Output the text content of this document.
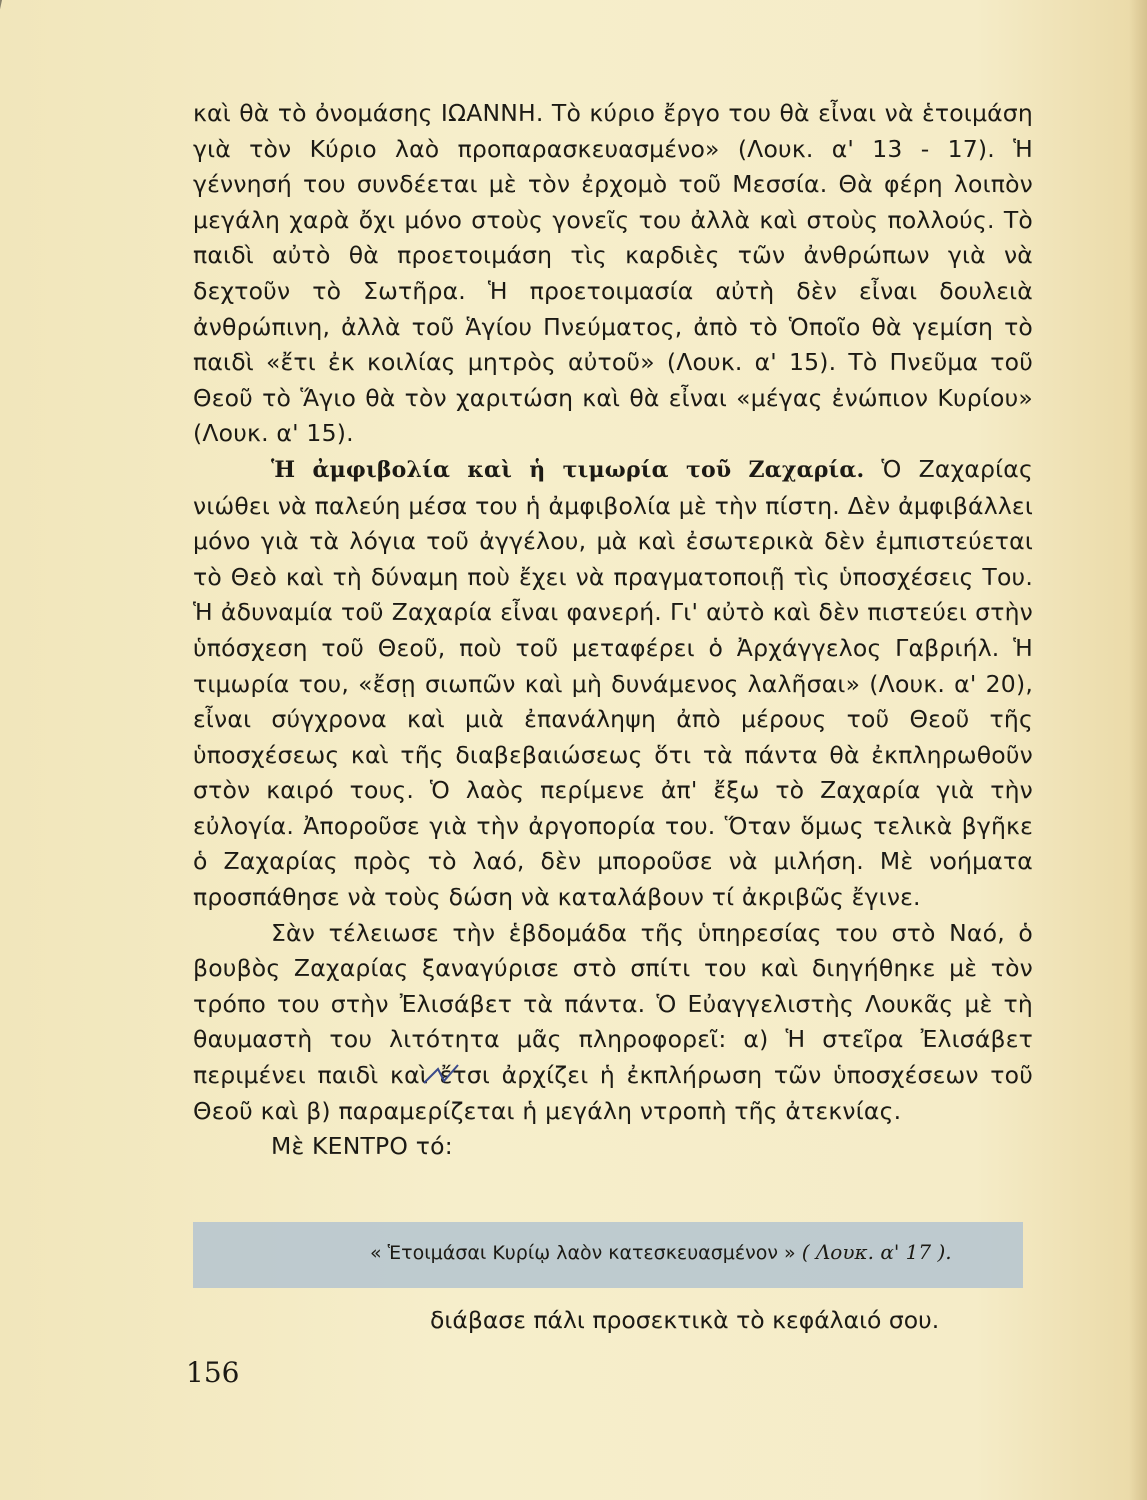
καὶ θὰ τὸ ὀνομάσης ΙΩΑΝΝΗ. Τὸ κύριο ἔργο του θὰ εἶναι νὰ ἑτοιμάση γιὰ τὸν Κύριο λαὸ προπαρασκευασμένο» (Λουκ. α' 13 - 17). Ἡ γέννησή του συνδέεται μὲ τὸν ἐρχομὸ τοῦ Μεσσία. Θὰ φέρη λοιπὸν μεγάλη χαρὰ ὄχι μόνο στοὺς γονεῖς του ἀλλὰ καὶ στοὺς πολλούς. Τὸ παιδὶ αὐτὸ θὰ προετοιμάση τὶς καρδιὲς τῶν ἀνθρώπων γιὰ νὰ δεχτοῦν τὸ Σωτῆρα. Ἡ προετοιμασία αὐτὴ δὲν εἶναι δουλειὰ ἀνθρώπινη, ἀλλὰ τοῦ Ἁγίου Πνεύματος, ἀπὸ τὸ Ὁποῖο θὰ γεμίση τὸ παιδὶ «ἔτι ἐκ κοιλίας μητρὸς αὐτοῦ» (Λουκ. α' 15). Τὸ Πνεῦμα τοῦ Θεοῦ τὸ Ἅγιο θὰ τὸν χαριτώση καὶ θὰ εἶναι «μέγας ἐνώπιον Κυρίου» (Λουκ. α' 15).

Ἡ ἀμφιβολία καὶ ἡ τιμωρία τοῦ Ζαχαρία. Ὁ Ζαχαρίας νιώθει νὰ παλεύη μέσα του ἡ ἀμφιβολία μὲ τὴν πίστη. Δὲν ἀμφιβάλλει μόνο γιὰ τὰ λόγια τοῦ ἀγγέλου, μὰ καὶ ἐσωτερικὰ δὲν ἐμπιστεύεται τὸ Θεὸ καὶ τὴ δύναμη ποὺ ἔχει νὰ πραγματοποιῇ τὶς ὑποσχέσεις Του. Ἡ ἀδυναμία τοῦ Ζαχαρία εἶναι φανερή. Γι' αὐτὸ καὶ δὲν πιστεύει στὴν ὑπόσχεση τοῦ Θεοῦ, ποὺ τοῦ μεταφέρει ὁ Ἀρχάγγελος Γαβριήλ. Ἡ τιμωρία του, «ἔσῃ σιωπῶν καὶ μὴ δυνάμενος λαλῆσαι» (Λουκ. α' 20), εἶναι σύγχρονα καὶ μιὰ ἐπανάληψη ἀπὸ μέρους τοῦ Θεοῦ τῆς ὑποσχέσεως καὶ τῆς διαβεβαιώσεως ὅτι τὰ πάντα θὰ ἐκπληρωθοῦν στὸν καιρό τους. Ὁ λαὸς περίμενε ἀπ' ἔξω τὸ Ζαχαρία γιὰ τὴν εὐλογία. Ἀποροῦσε γιὰ τὴν ἀργοπορία του. Ὅταν ὅμως τελικὰ βγῆκε ὁ Ζαχαρίας πρὸς τὸ λαό, δὲν μποροῦσε νὰ μιλήση. Μὲ νοήματα προσπάθησε νὰ τοὺς δώση νὰ καταλάβουν τί ἀκριβῶς ἔγινε.

Σὰν τέλειωσε τὴν ἑβδομάδα τῆς ὑπηρεσίας του στὸ Ναό, ὁ βουβὸς Ζαχαρίας ξαναγύρισε στὸ σπίτι του καὶ διηγήθηκε μὲ τὸν τρόπο του στὴν Ἐλισάβετ τὰ πάντα. Ὁ Εὐαγγελιστὴς Λουκᾶς μὲ τὴ θαυμαστὴ του λιτότητα μᾶς πληροφορεῖ: α) Ἡ στεῖρα Ἐλισάβετ περιμένει παιδὶ καὶ ἔτσι ἀρχίζει ἡ ἐκπλήρωση τῶν ὑποσχέσεων τοῦ Θεοῦ καὶ β) παραμερίζεται ἡ μεγάλη ντροπὴ τῆς ἀτεκνίας.

Μὲ ΚΕΝΤΡΟ τό:

« Ἑτοιμάσαι Κυρίῳ λαὸν κατεσκευασμένον » ( Λουκ. α' 17 ).
διάβασε πάλι προσεκτικὰ τὸ κεφάλαιό σου.
156
